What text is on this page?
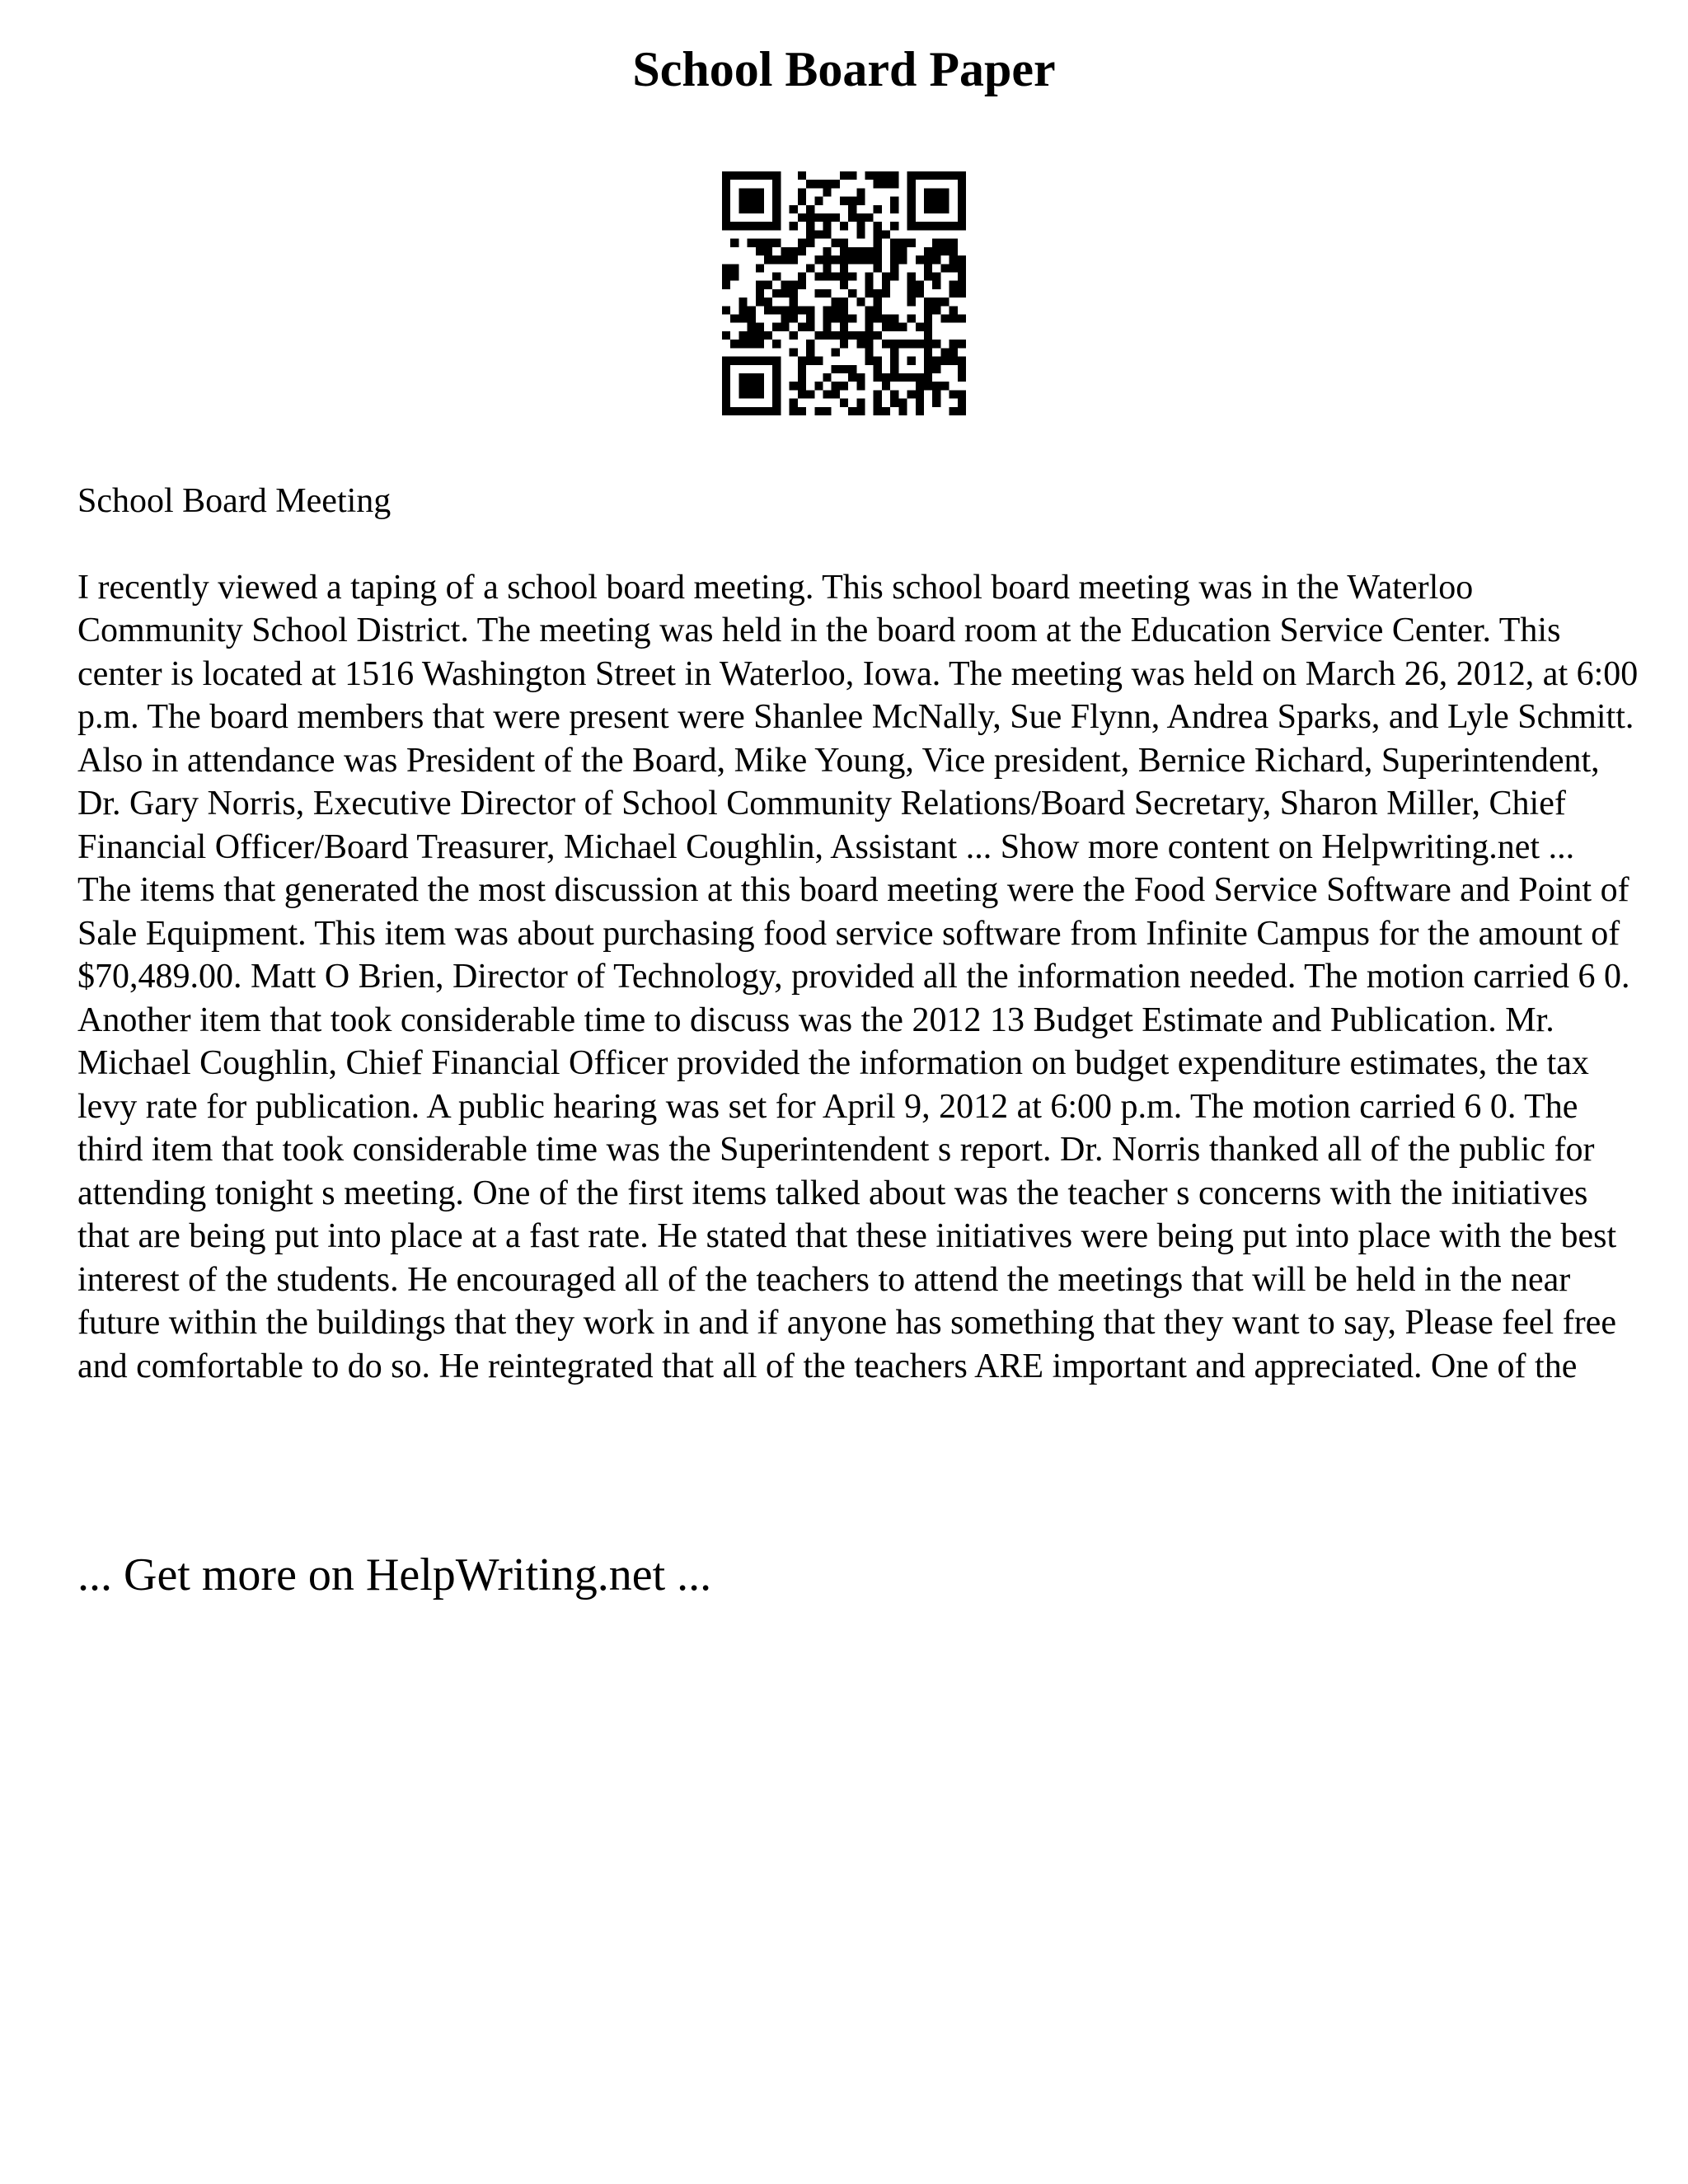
School Board Paper

School Board Meeting

I recently viewed a taping of a school board meeting. This school board meeting was in the Waterloo Community School District. The meeting was held in the board room at the Education Service Center. This center is located at 1516 Washington Street in Waterloo, Iowa. The meeting was held on March 26, 2012, at 6:00 p.m. The board members that were present were Shanlee McNally, Sue Flynn, Andrea Sparks, and Lyle Schmitt. Also in attendance was President of the Board, Mike Young, Vice president, Bernice Richard, Superintendent, Dr. Gary Norris, Executive Director of School Community Relations/Board Secretary, Sharon Miller, Chief Financial Officer/Board Treasurer, Michael Coughlin, Assistant ... Show more content on Helpwriting.net ...

The items that generated the most discussion at this board meeting were the Food Service Software and Point of Sale Equipment. This item was about purchasing food service software from Infinite Campus for the amount of $70,489.00. Matt O Brien, Director of Technology, provided all the information needed. The motion carried 6 0. Another item that took considerable time to discuss was the 2012 13 Budget Estimate and Publication. Mr. Michael Coughlin, Chief Financial Officer provided the information on budget expenditure estimates, the tax levy rate for publication. A public hearing was set for April 9, 2012 at 6:00 p.m. The motion carried 6 0. The third item that took considerable time was the Superintendent s report. Dr. Norris thanked all of the public for attending tonight s meeting. One of the first items talked about was the teacher s concerns with the initiatives that are being put into place at a fast rate. He stated that these initiatives were being put into place with the best interest of the students. He encouraged all of the teachers to attend the meetings that will be held in the near future within the buildings that they work in and if anyone has something that they want to say, Please feel free and comfortable to do so. He reintegrated that all of the teachers ARE important and appreciated. One of the

... Get more on HelpWriting.net ...
